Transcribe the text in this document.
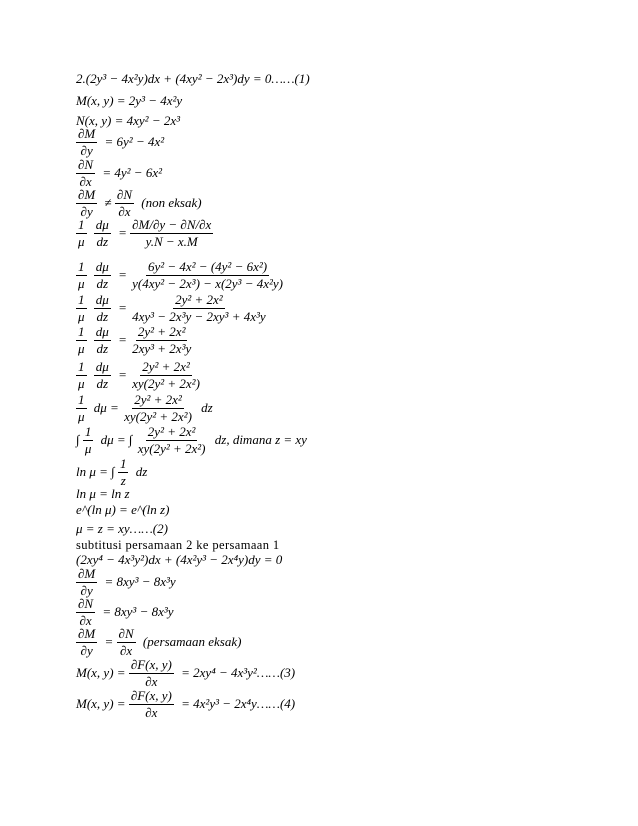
2.(2y³ − 4x²y)dx + (4xy² − 2x³)dy = 0……(1)
M(x, y) = 2y³ − 4x²y
N(x, y) = 4xy² − 2x³
$\frac{\partial M}{\partial y} = 6y^2 - 4x^2$
$\frac{\partial N}{\partial x} = 4y^2 - 6x^2$
$\frac{\partial M}{\partial y} \ne \frac{\partial N}{\partial x} (non$ eksak)
$\frac{1}{\mu}$
$\frac{d\mu}{dz} = \frac{\partial M/\partial y - \partial N/\partial x}{y.N - x.M}$
$\frac{1}{\mu}$
$\frac{d\mu}{dz} = \frac{\text{6y² − 4x² − (4y² − 6x²)}}{\text{y(4xy² − 2x³) − x(2y³ − 4x²y)}}$
$\frac{1}{\mu}$
$\frac{d\mu}{dz} = \frac{\text{2y² + 2x²}}{\text{4xy³ − 2x³y − 2xy³ + 4x³y}}$
$\frac{1}{\mu}$
$\frac{d\mu}{dz} = \frac{\text{2y² + 2x²}}{\text{2xy³ + 2x³y}}$
$\frac{1}{\mu}$
$\frac{d\mu}{dz} = \frac{\text{2y² + 2x²}}{\text{xy(2y² + 2x²)}}$
$\frac{1}{\mu}$ $d\mu = \frac{\text{2y² + 2x²}}{\text{xy(2y² + 2x²)}}$ dz
∫ $\frac{1}{\mu}$ dμ = ∫ $\frac{\text{2y² + 2x²}}{\text{xy(2y² + 2x²)}}$ dz, dimana z = xy
ln μ = ∫ $\frac{1}{z}$ dz
ln μ = ln z
e^(ln μ) = e^(ln z)
μ = z = xy……(2)
subtitusi persamaan 2 ke persamaan 1
(2xy⁴ − 4x³y²)dx + (4x²y³ − 2x⁴y)dy = 0
$\frac{\partial M}{\partial y} = 8xy^3 - 8x^3y$
$\frac{\partial N}{\partial x} = 8xy^3 - 8x^3y$
$\frac{\partial M}{\partial y} = \frac{\partial N}{\partial x}$ (persamaan eksak)
M(x, $y) = \frac{\partial F(x, y)}{\partial x} = 2xy^4$ − 4x³y²……(3)
M(x, $y) = \frac{\partial F(x, y)}{\partial x} = 4x^2y^3$ − 2x⁴y……(4)
